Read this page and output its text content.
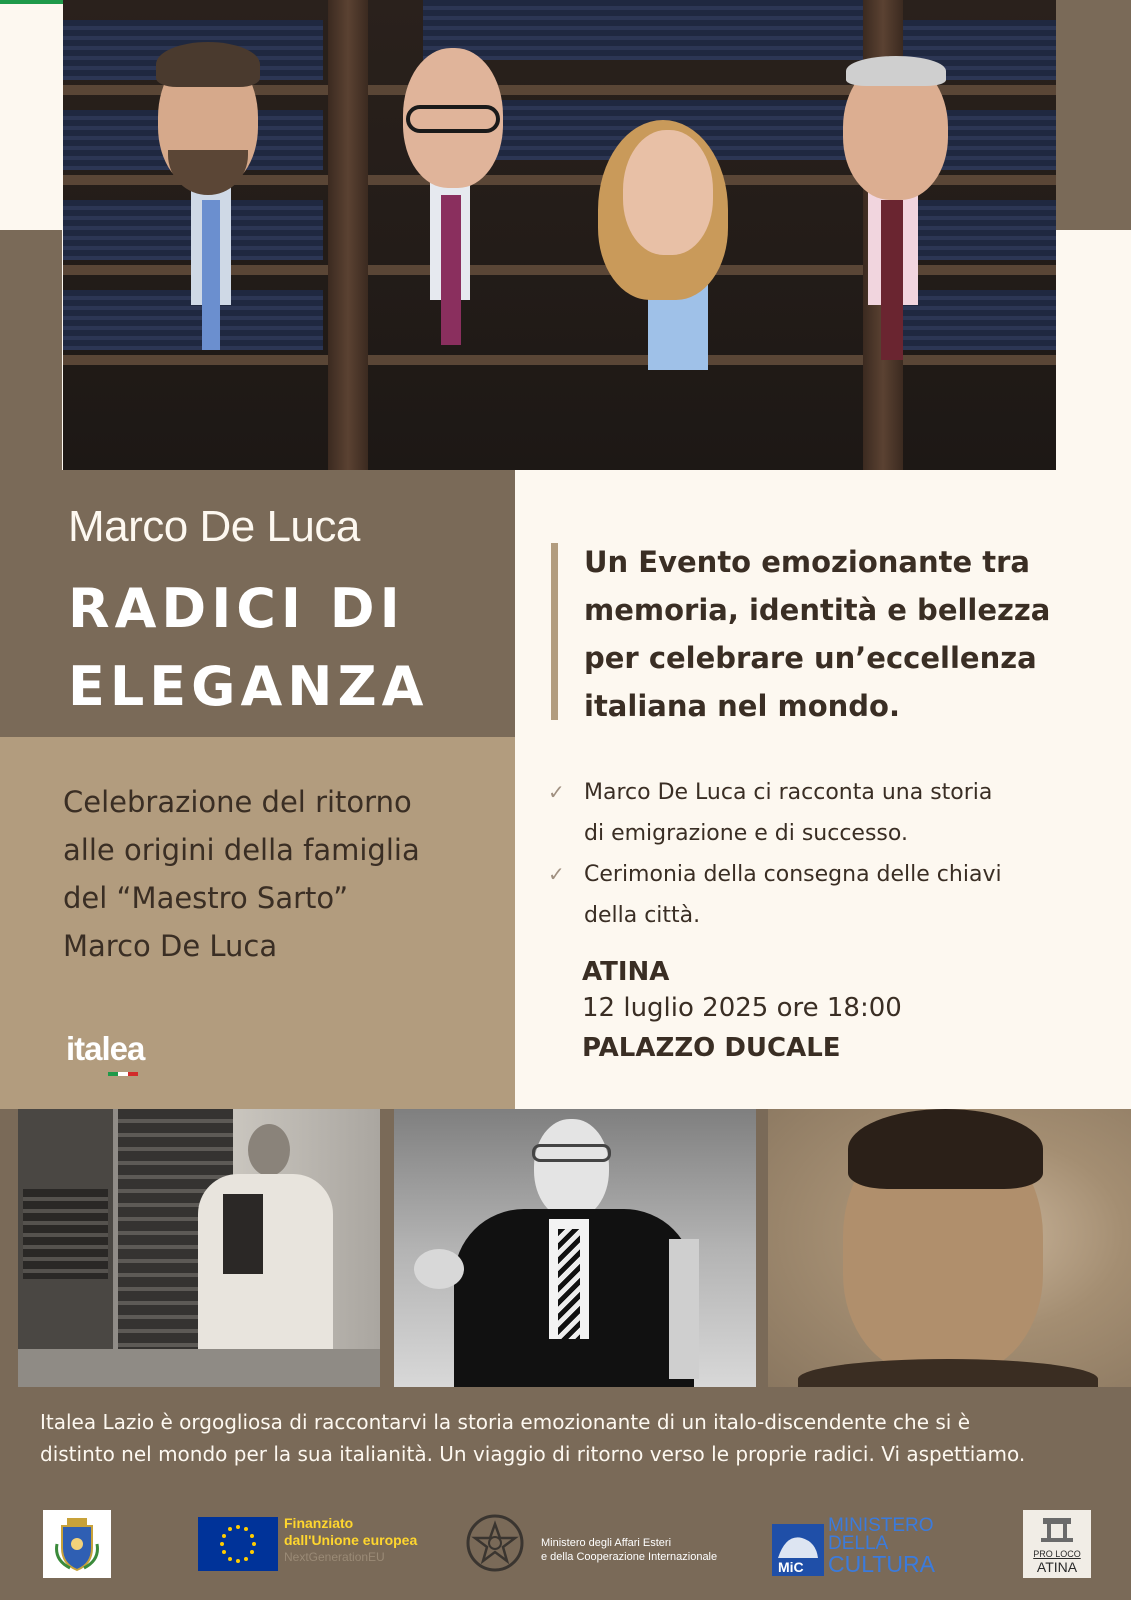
Marco De Luca
RADICI DI
ELEGANZA
Celebrazione del ritorno
alle origini della famiglia
del “Maestro Sarto”
Marco De Luca
italea
Un Evento emozionante tra
memoria, identità e bellezza
per celebrare un’eccellenza
italiana nel mondo.
✓ Marco De Luca ci racconta una storia
di emigrazione e di successo.
✓ Cerimonia della consegna delle chiavi
della città.
ATINA
12 luglio 2025 ore 18:00
PALAZZO DUCALE
Italea Lazio è orgogliosa di raccontarvi la storia emozionante di un italo-discendente che si è
distinto nel mondo per la sua italianità. Un viaggio di ritorno verso le proprie radici. Vi aspettiamo.
Finanziato
dall'Unione europea
NextGenerationEU
Ministero degli Affari Esteri
e della Cooperazione Internazionale
MiC
MINISTERO
DELLA
CULTURA	PRO LOCO
ATINA
